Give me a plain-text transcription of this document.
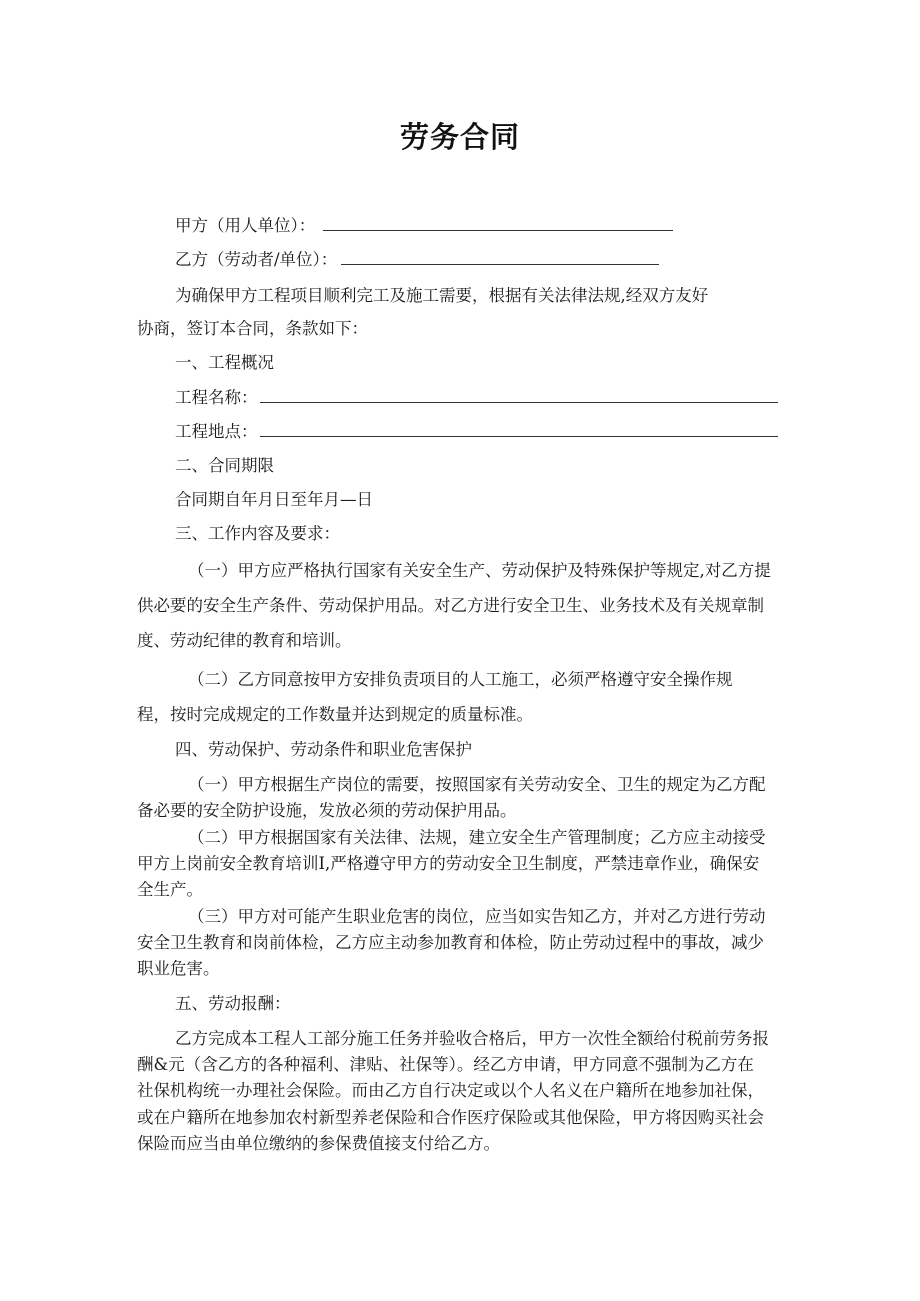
劳务合同
甲方（用人单位）：
乙方（劳动者/单位）：
为确保甲方工程项目顺利完工及施工需要，根据有关法律法规,经双方友好
协商，签订本合同，条款如下：
一、工程概况
工程名称：
工程地点：
二、合同期限
合同期自年月日至年月—日
三、工作内容及要求：
（一）甲方应严格执行国家有关安全生产、劳动保护及特殊保护等规定,对乙方提
供必要的安全生产条件、劳动保护用品。对乙方进行安全卫生、业务技术及有关规章制
度、劳动纪律的教育和培训。
（二）乙方同意按甲方安排负责项目的人工施工，必须严格遵守安全操作规
程，按时完成规定的工作数量并达到规定的质量标准。
四、劳动保护、劳动条件和职业危害保护
（一）甲方根据生产岗位的需要，按照国家有关劳动安全、卫生的规定为乙方配
备必要的安全防护设施，发放必须的劳动保护用品。
（二）甲方根据国家有关法律、法规，建立安全生产管理制度；乙方应主动接受
甲方上岗前安全教育培训I,严格遵守甲方的劳动安全卫生制度，严禁违章作业，确保安
全生产。
（三）甲方对可能产生职业危害的岗位，应当如实告知乙方，并对乙方进行劳动
安全卫生教育和岗前体检，乙方应主动参加教育和体检，防止劳动过程中的事故，减少
职业危害。
五、劳动报酬：
乙方完成本工程人工部分施工任务并验收合格后，甲方一次性全额给付税前劳务报
酬&元（含乙方的各种福利、津贴、社保等）。经乙方申请，甲方同意不强制为乙方在
社保机构统一办理社会保险。而由乙方自行决定或以个人名义在户籍所在地参加社保，
或在户籍所在地参加农村新型养老保险和合作医疗保险或其他保险，甲方将因购买社会
保险而应当由单位缴纳的参保费值接支付给乙方。
